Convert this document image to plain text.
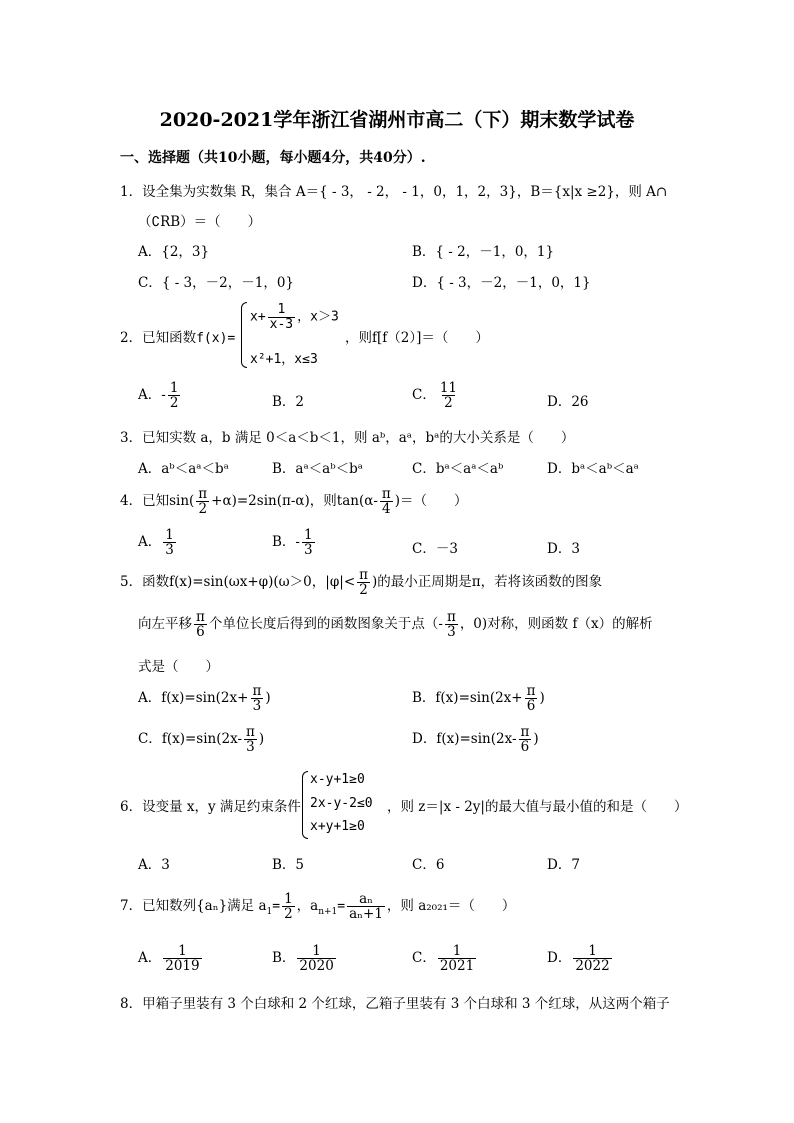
2020-2021学年浙江省湖州市高二（下）期末数学试卷
一、选择题（共10小题，每小题4分，共40分）.
1．设全集为实数集 R，集合 A＝{ - 3， - 2， - 1，0，1，2，3}，B＝{x|x ≥2}，则 A∩
（∁RB）＝（　　）
A．{2，3}	B．{ - 2，－1，0，1}
C．{ - 3，－2，－1，0}	D．{ - 3，－2，－1，0，1}
2．已知函数f(x)=
$x+ \frac{1}{x-3}$ ，x＞3
x²+1，x≤3
，则f[f（2）]＝（　　）
A．- $\frac{1}{2}$	B．2	C． $\frac{11}{2}$	D．26
3．已知实数 a，b 满足 0＜a＜b＜1，则 aᵇ，aᵃ，bᵃ的大小关系是（　　）
A．aᵇ＜aᵃ＜bᵃ	B．aᵃ＜aᵇ＜bᵃ	C．bᵃ＜aᵃ＜aᵇ	D．bᵃ＜aᵇ＜aᵃ
4．已知$\sin( \frac{\pi}{2} +\alpha)=2\sin(\pi-\alpha)$，则$\tan(\alpha- \frac{\pi}{4}$ )＝（　　）
A． $\frac{1}{3}$	B．- $\frac{1}{3}$	C．－3	D．3
5．函数f(x)=sin(ωx+φ)(ω＞0，$|\varphi|< \frac{\pi}{2}$ )的最小正周期是π，若将该函数的图象
向左平移 $\frac{\pi}{6}$ 个单位长度后得到的函数图象关于点（- $\frac{\pi}{3}$ ，0)对称，则函数 f（x）的解析
式是（　　）
A．$f(x)=\sin(2x+ \frac{\pi}{3}$ )	B．$f(x)=\sin(2x+ \frac{\pi}{6}$ )
C．$f(x)=\sin(2x- \frac{\pi}{3}$ )	D．$f(x)=\sin(2x- \frac{\pi}{6}$ )
6．设变量 x，y 满足约束条件
x-y+1≥0
2x-y-2≤0
x+y+1≥0
，则 z＝|x - 2y|的最大值与最小值的和是（　　）
A．3	B．5	C．6	D．7
7．已知数列{aₙ}满足 $a_1= \frac{1}{2}$ ，$a_{n+1}= \frac{\text{aₙ}}{\text{aₙ+1}}$ ，则 a₂₀₂₁＝（　　）
A． $\frac{1}{2019}$	B． $\frac{1}{2020}$	C． $\frac{1}{2021}$	D． $\frac{1}{2022}$
8．甲箱子里装有 3 个白球和 2 个红球，乙箱子里装有 3 个白球和 3 个红球，从这两个箱子
